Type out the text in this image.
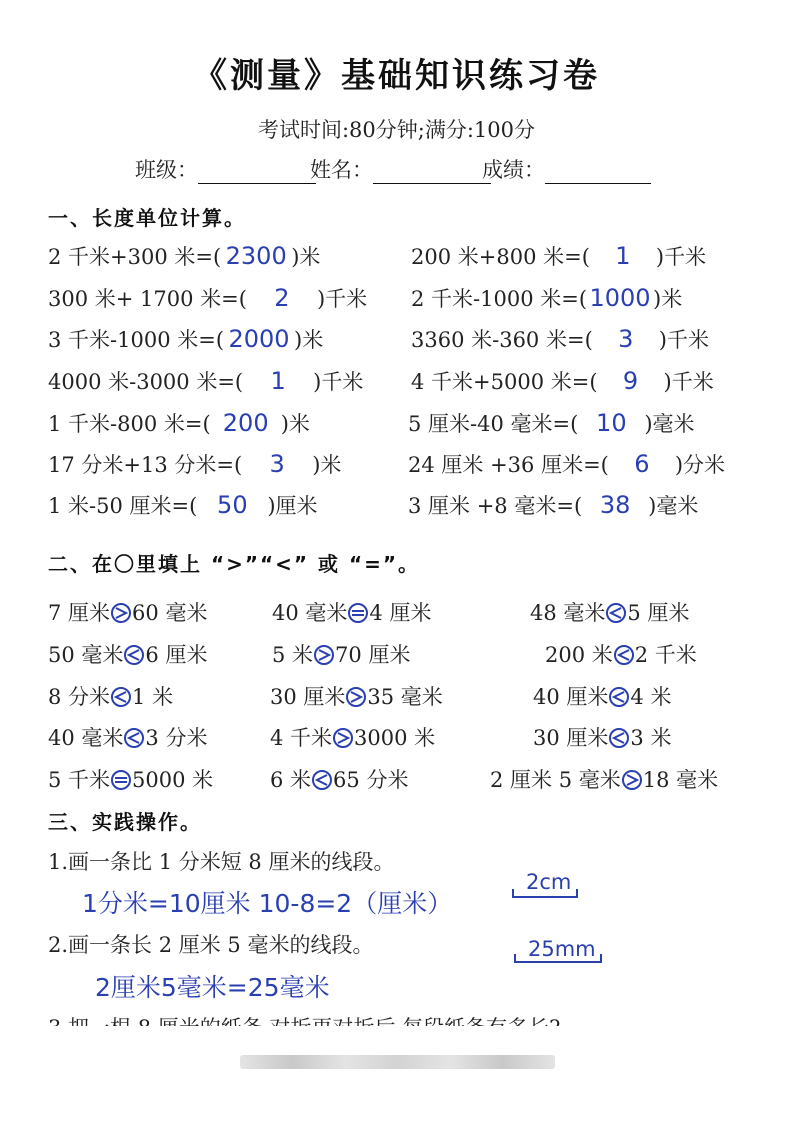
《测量》基础知识练习卷
考试时间:80分钟;满分:100分
班级：	姓名：	成绩：
一、长度单位计算。
2 千米+300 米=( 2300 )米	200 米+800 米=( 1 )千米
300 米+ 1700 米=( 2 )千米 2 千米-1000 米=( 1000 )米
3 千米-1000 米=( 2000 )米	3360 米-360 米=( 3 )千米
4000 米-3000 米=( 1 )千米 4 千米+5000 米=( 9 )千米
1 千米-800 米=( 200 )米	5 厘米-40 毫米=( 10 )毫米
17 分米+13 分米=( 3 )米	24 厘米 +36 厘米=( 6 )分米
1 米-50 厘米=( 50 )厘米	3 厘米 +8 毫米=( 38 )毫米
二、在〇里填上 “>”“<” 或 “=”。
7 厘米 60 毫米	40 毫米 4 厘米	48 毫米 5 厘米
50 毫米 6 厘米	5 米 70 厘米	200 米 2 千米
8 分米 1 米	30 厘米 35 毫米	40 厘米 4 米
40 毫米 3 分米	4 千米 3000 米	30 厘米 3 米
5 千米 5000 米	6 米 65 分米	2 厘米 5 毫米 18 毫米
三、实践操作。
1.画一条比 1 分米短 8 厘米的线段。
1分米=10厘米 10-8=2（厘米）
2cm
2.画一条长 2 厘米 5 毫米的线段。
2厘米5毫米=25毫米
25mm
